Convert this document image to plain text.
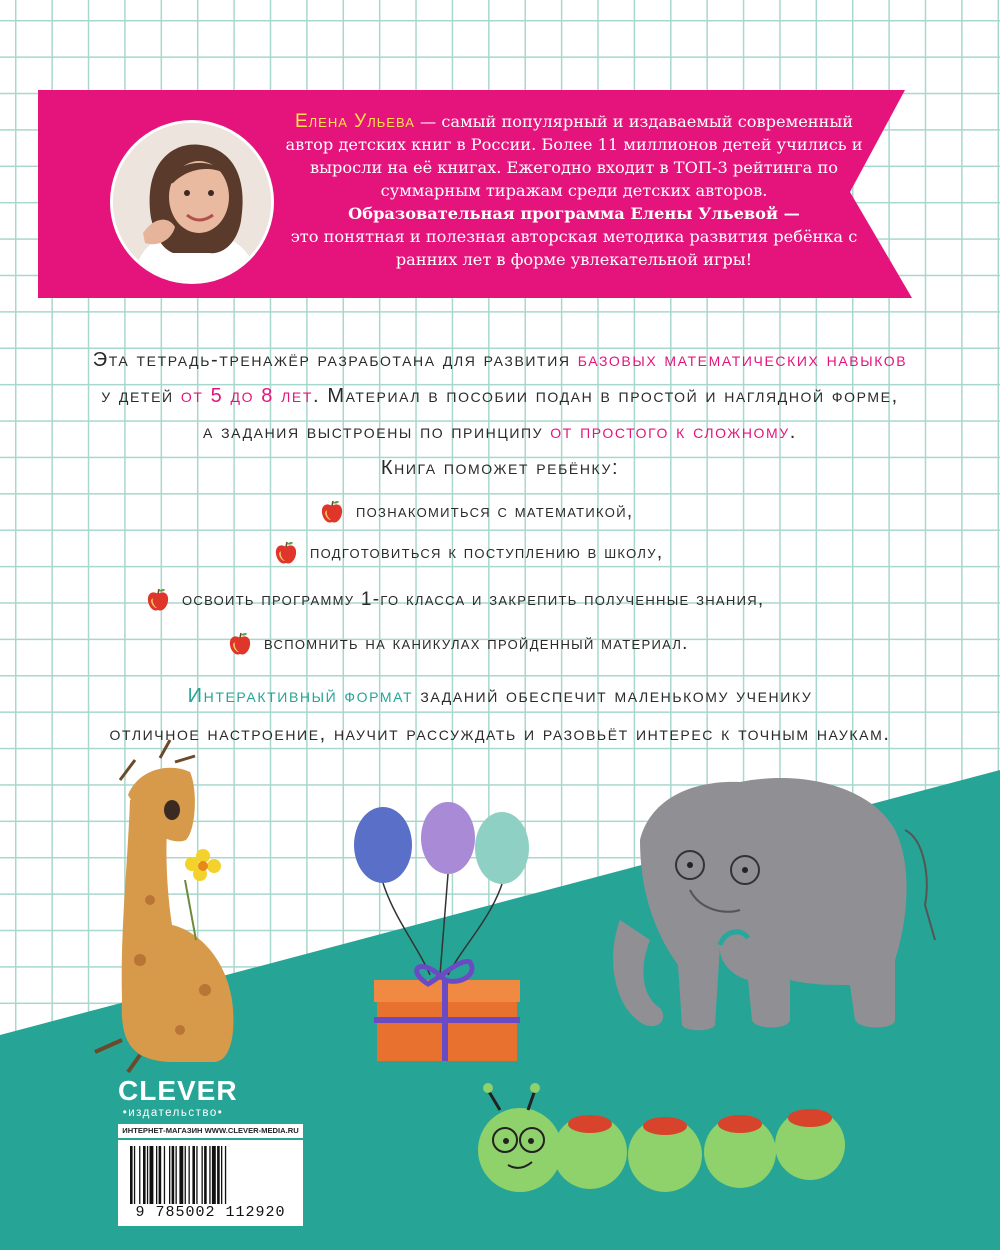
Елена Ульева — самый популярный и издаваемый современный автор детских книг в России. Более 11 миллионов детей учились и выросли на её книгах. Ежегодно входит в ТОП-3 рейтинга по суммарным тиражам среди детских авторов.
Образовательная программа Елены Ульевой —
это понятная и полезная авторская методика развития ребёнка с ранних лет в форме увлекательной игры!
Эта тетрадь-тренажёр разработана для развития базовых математических навыков
у детей от 5 до 8 лет. Материал в пособии подан в простой и наглядной форме,
а задания выстроены по принципу от простого к сложному.
Книга поможет ребёнку:
познакомиться с математикой,
подготовиться к поступлению в школу,
освоить программу 1-го класса и закрепить полученные знания,
вспомнить на каникулах пройденный материал.
Интерактивный формат заданий обеспечит маленькому ученику
отличное настроение, научит рассуждать и разовьёт интерес к точным наукам.
CLEVER
•издательство•
ИНТЕРНЕТ-МАГАЗИН WWW.CLEVER-MEDIA.RU
9 785002 112920
